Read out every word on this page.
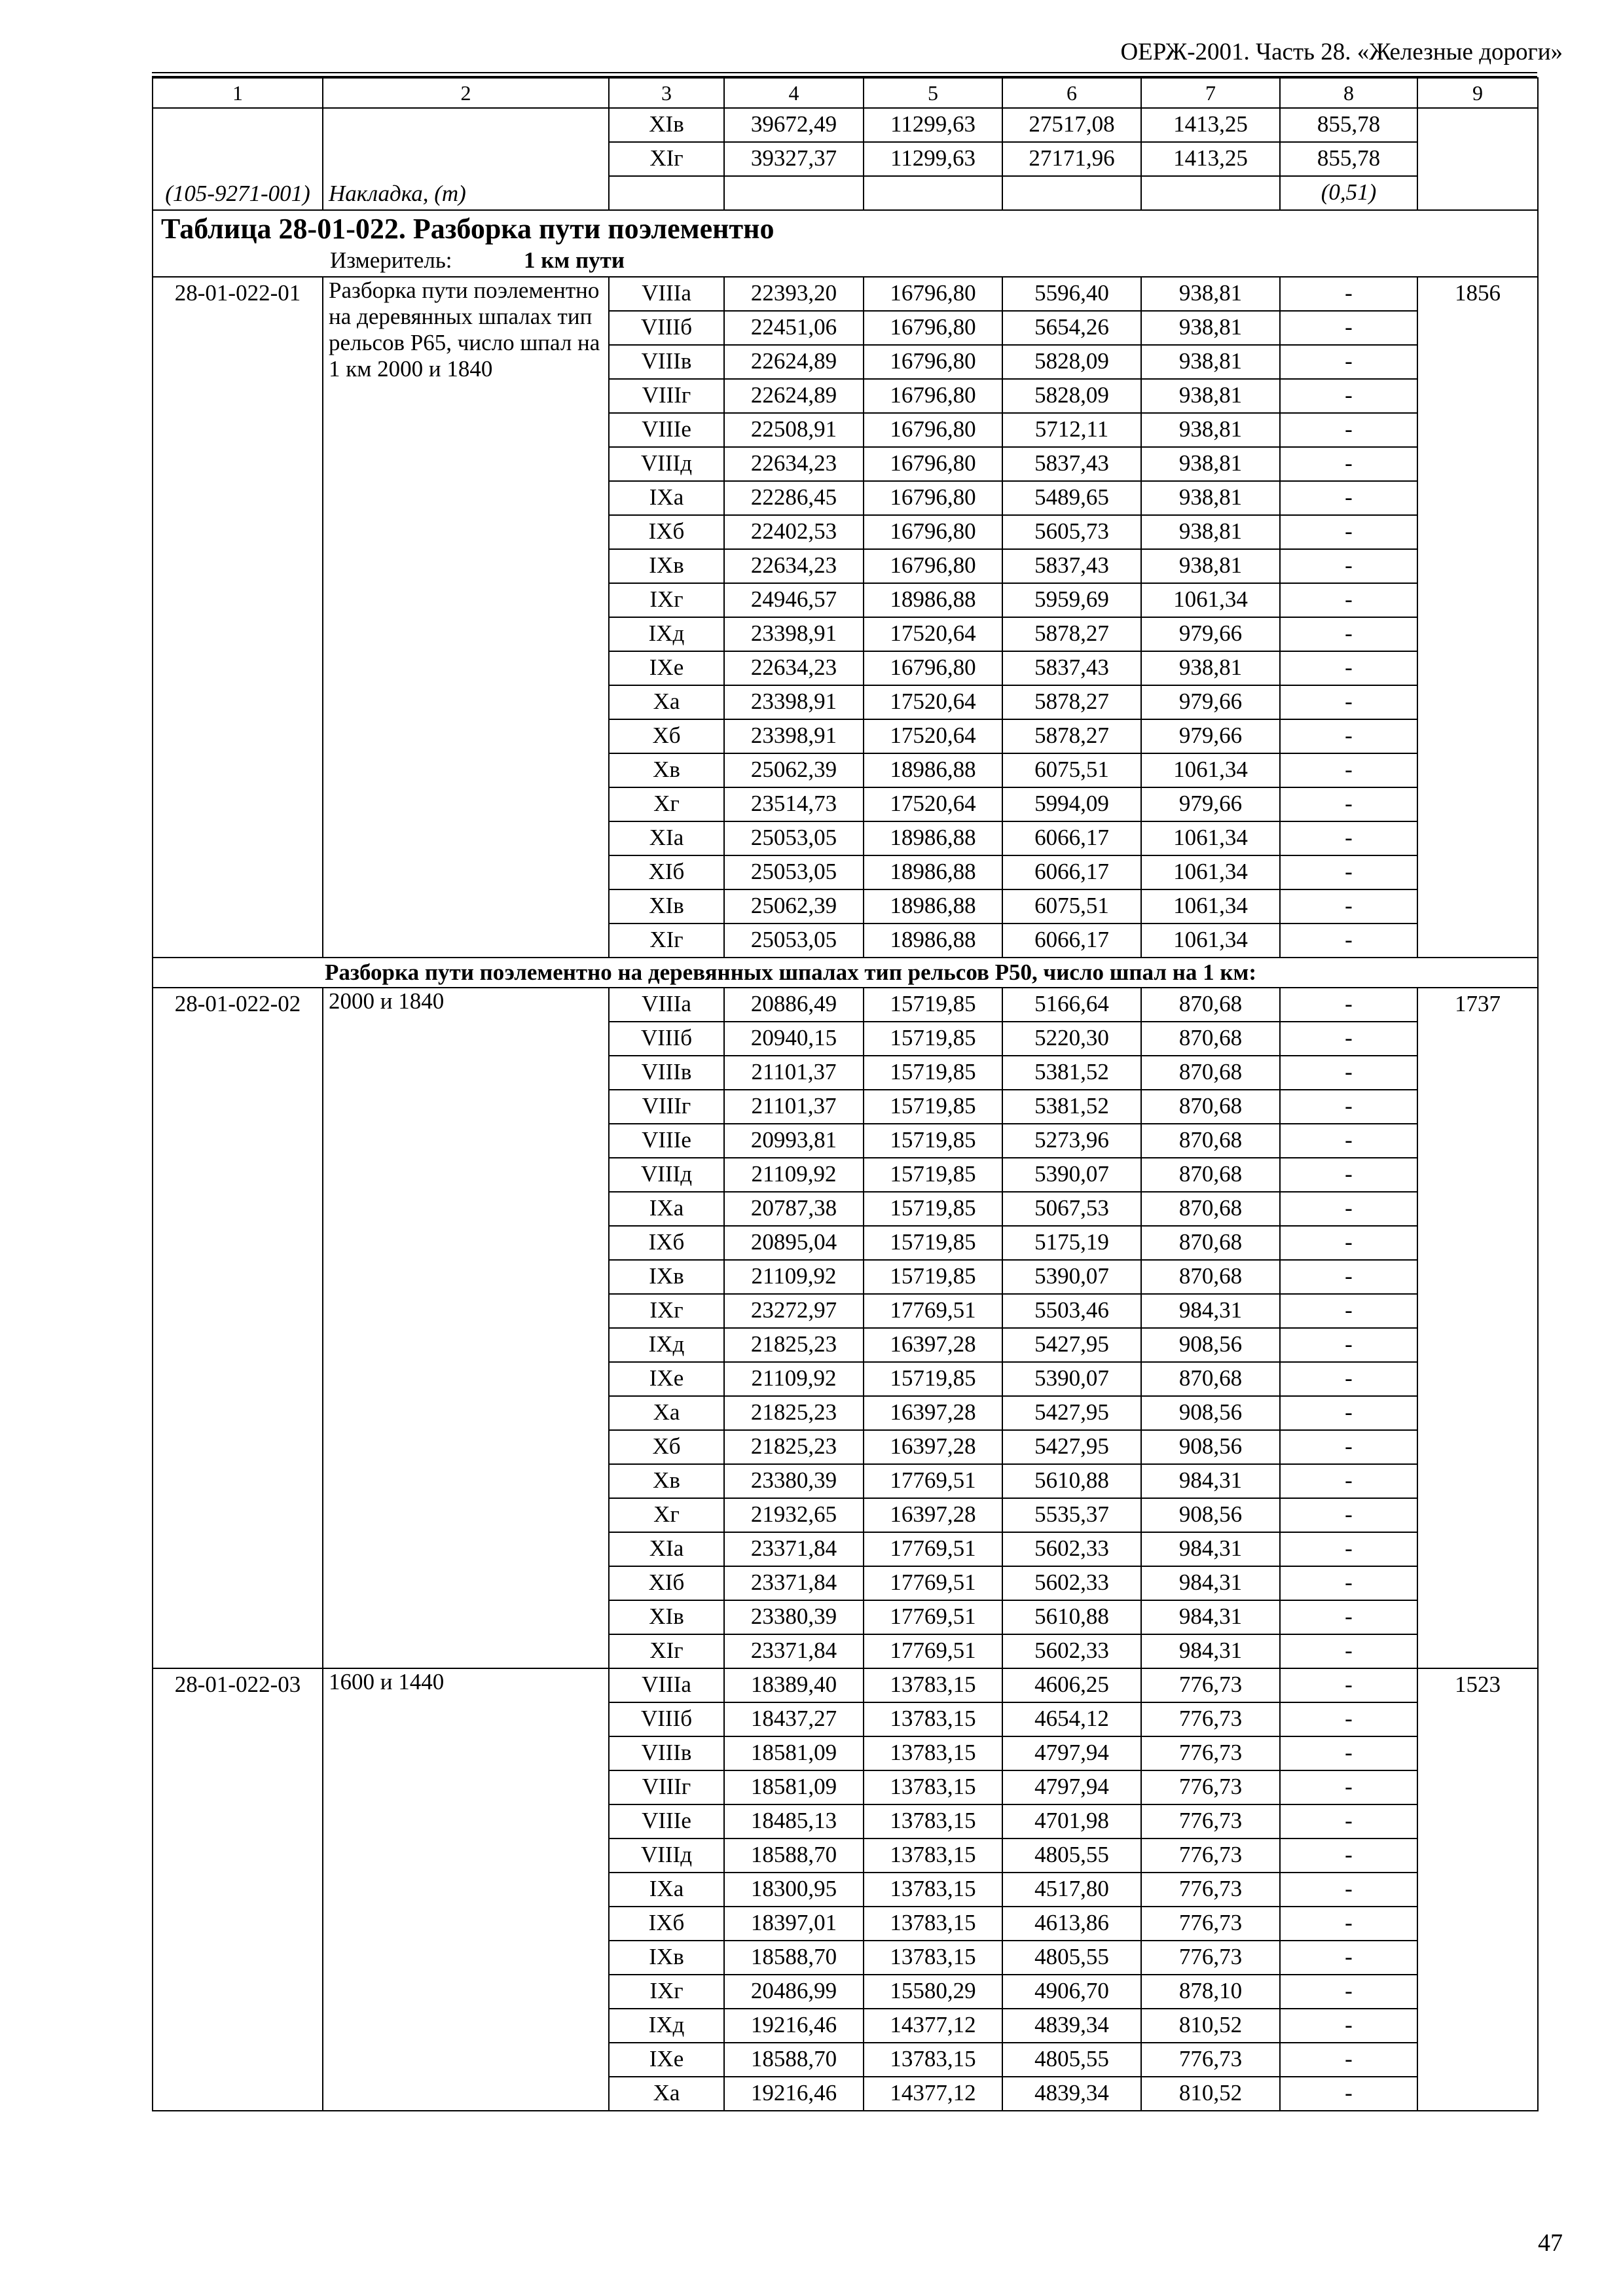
ОЕРЖ-2001. Часть 28. «Железные дороги»
1	2	3	4	5	6	7	8	9
(105-9271-001)	Накладка, (т)	XIв	39672,49	11299,63	27517,08	1413,25	855,78	
		XIг	39327,37	11299,63	27171,96	1413,25	855,78	
							(0,51)	

Таблица 28-01-022. Разборка пути поэлементно
Измеритель: 1 км пути								

28-01-022-01	Разборка пути поэлементно на деревянных шпалах тип рельсов Р65, число шпал на 1 км 2000 и 1840	VIIIа	22393,20	16796,80	5596,40	938,81	-	1856
		VIIIб	22451,06	16796,80	5654,26	938,81	-	
		VIIIв	22624,89	16796,80	5828,09	938,81	-	
		VIIIг	22624,89	16796,80	5828,09	938,81	-	
		VIIIе	22508,91	16796,80	5712,11	938,81	-	
		VIIIд	22634,23	16796,80	5837,43	938,81	-	
		IXа	22286,45	16796,80	5489,65	938,81	-	
		IXб	22402,53	16796,80	5605,73	938,81	-	
		IXв	22634,23	16796,80	5837,43	938,81	-	
		IXг	24946,57	18986,88	5959,69	1061,34	-	
		IXд	23398,91	17520,64	5878,27	979,66	-	
		IXе	22634,23	16796,80	5837,43	938,81	-	
		Xа	23398,91	17520,64	5878,27	979,66	-	
		Xб	23398,91	17520,64	5878,27	979,66	-	
		Xв	25062,39	18986,88	6075,51	1061,34	-	
		Xг	23514,73	17520,64	5994,09	979,66	-	
		XIа	25053,05	18986,88	6066,17	1061,34	-	
		XIб	25053,05	18986,88	6066,17	1061,34	-	
		XIв	25062,39	18986,88	6075,51	1061,34	-	
		XIг	25053,05	18986,88	6066,17	1061,34	-	
Разборка пути поэлементно на деревянных шпалах тип рельсов Р50, число шпал на 1 км:								
28-01-022-02	2000 и 1840	VIIIа	20886,49	15719,85	5166,64	870,68	-	1737
		VIIIб	20940,15	15719,85	5220,30	870,68	-	
		VIIIв	21101,37	15719,85	5381,52	870,68	-	
		VIIIг	21101,37	15719,85	5381,52	870,68	-	
		VIIIе	20993,81	15719,85	5273,96	870,68	-	
		VIIIд	21109,92	15719,85	5390,07	870,68	-	
		IXа	20787,38	15719,85	5067,53	870,68	-	
		IXб	20895,04	15719,85	5175,19	870,68	-	
		IXв	21109,92	15719,85	5390,07	870,68	-	
		IXг	23272,97	17769,51	5503,46	984,31	-	
		IXд	21825,23	16397,28	5427,95	908,56	-	
		IXе	21109,92	15719,85	5390,07	870,68	-	
		Xа	21825,23	16397,28	5427,95	908,56	-	
		Xб	21825,23	16397,28	5427,95	908,56	-	
		Xв	23380,39	17769,51	5610,88	984,31	-	
		Xг	21932,65	16397,28	5535,37	908,56	-	
		XIа	23371,84	17769,51	5602,33	984,31	-	
		XIб	23371,84	17769,51	5602,33	984,31	-	
		XIв	23380,39	17769,51	5610,88	984,31	-	
		XIг	23371,84	17769,51	5602,33	984,31	-	
28-01-022-03	1600 и 1440	VIIIа	18389,40	13783,15	4606,25	776,73	-	1523
		VIIIб	18437,27	13783,15	4654,12	776,73	-	
		VIIIв	18581,09	13783,15	4797,94	776,73	-	
		VIIIг	18581,09	13783,15	4797,94	776,73	-	
		VIIIе	18485,13	13783,15	4701,98	776,73	-	
		VIIIд	18588,70	13783,15	4805,55	776,73	-	
		IXа	18300,95	13783,15	4517,80	776,73	-	
		IXб	18397,01	13783,15	4613,86	776,73	-	
		IXв	18588,70	13783,15	4805,55	776,73	-	
		IXг	20486,99	15580,29	4906,70	878,10	-	
		IXд	19216,46	14377,12	4839,34	810,52	-	
		IXе	18588,70	13783,15	4805,55	776,73	-	
		Xа	19216,46	14377,12	4839,34	810,52	-	
47
